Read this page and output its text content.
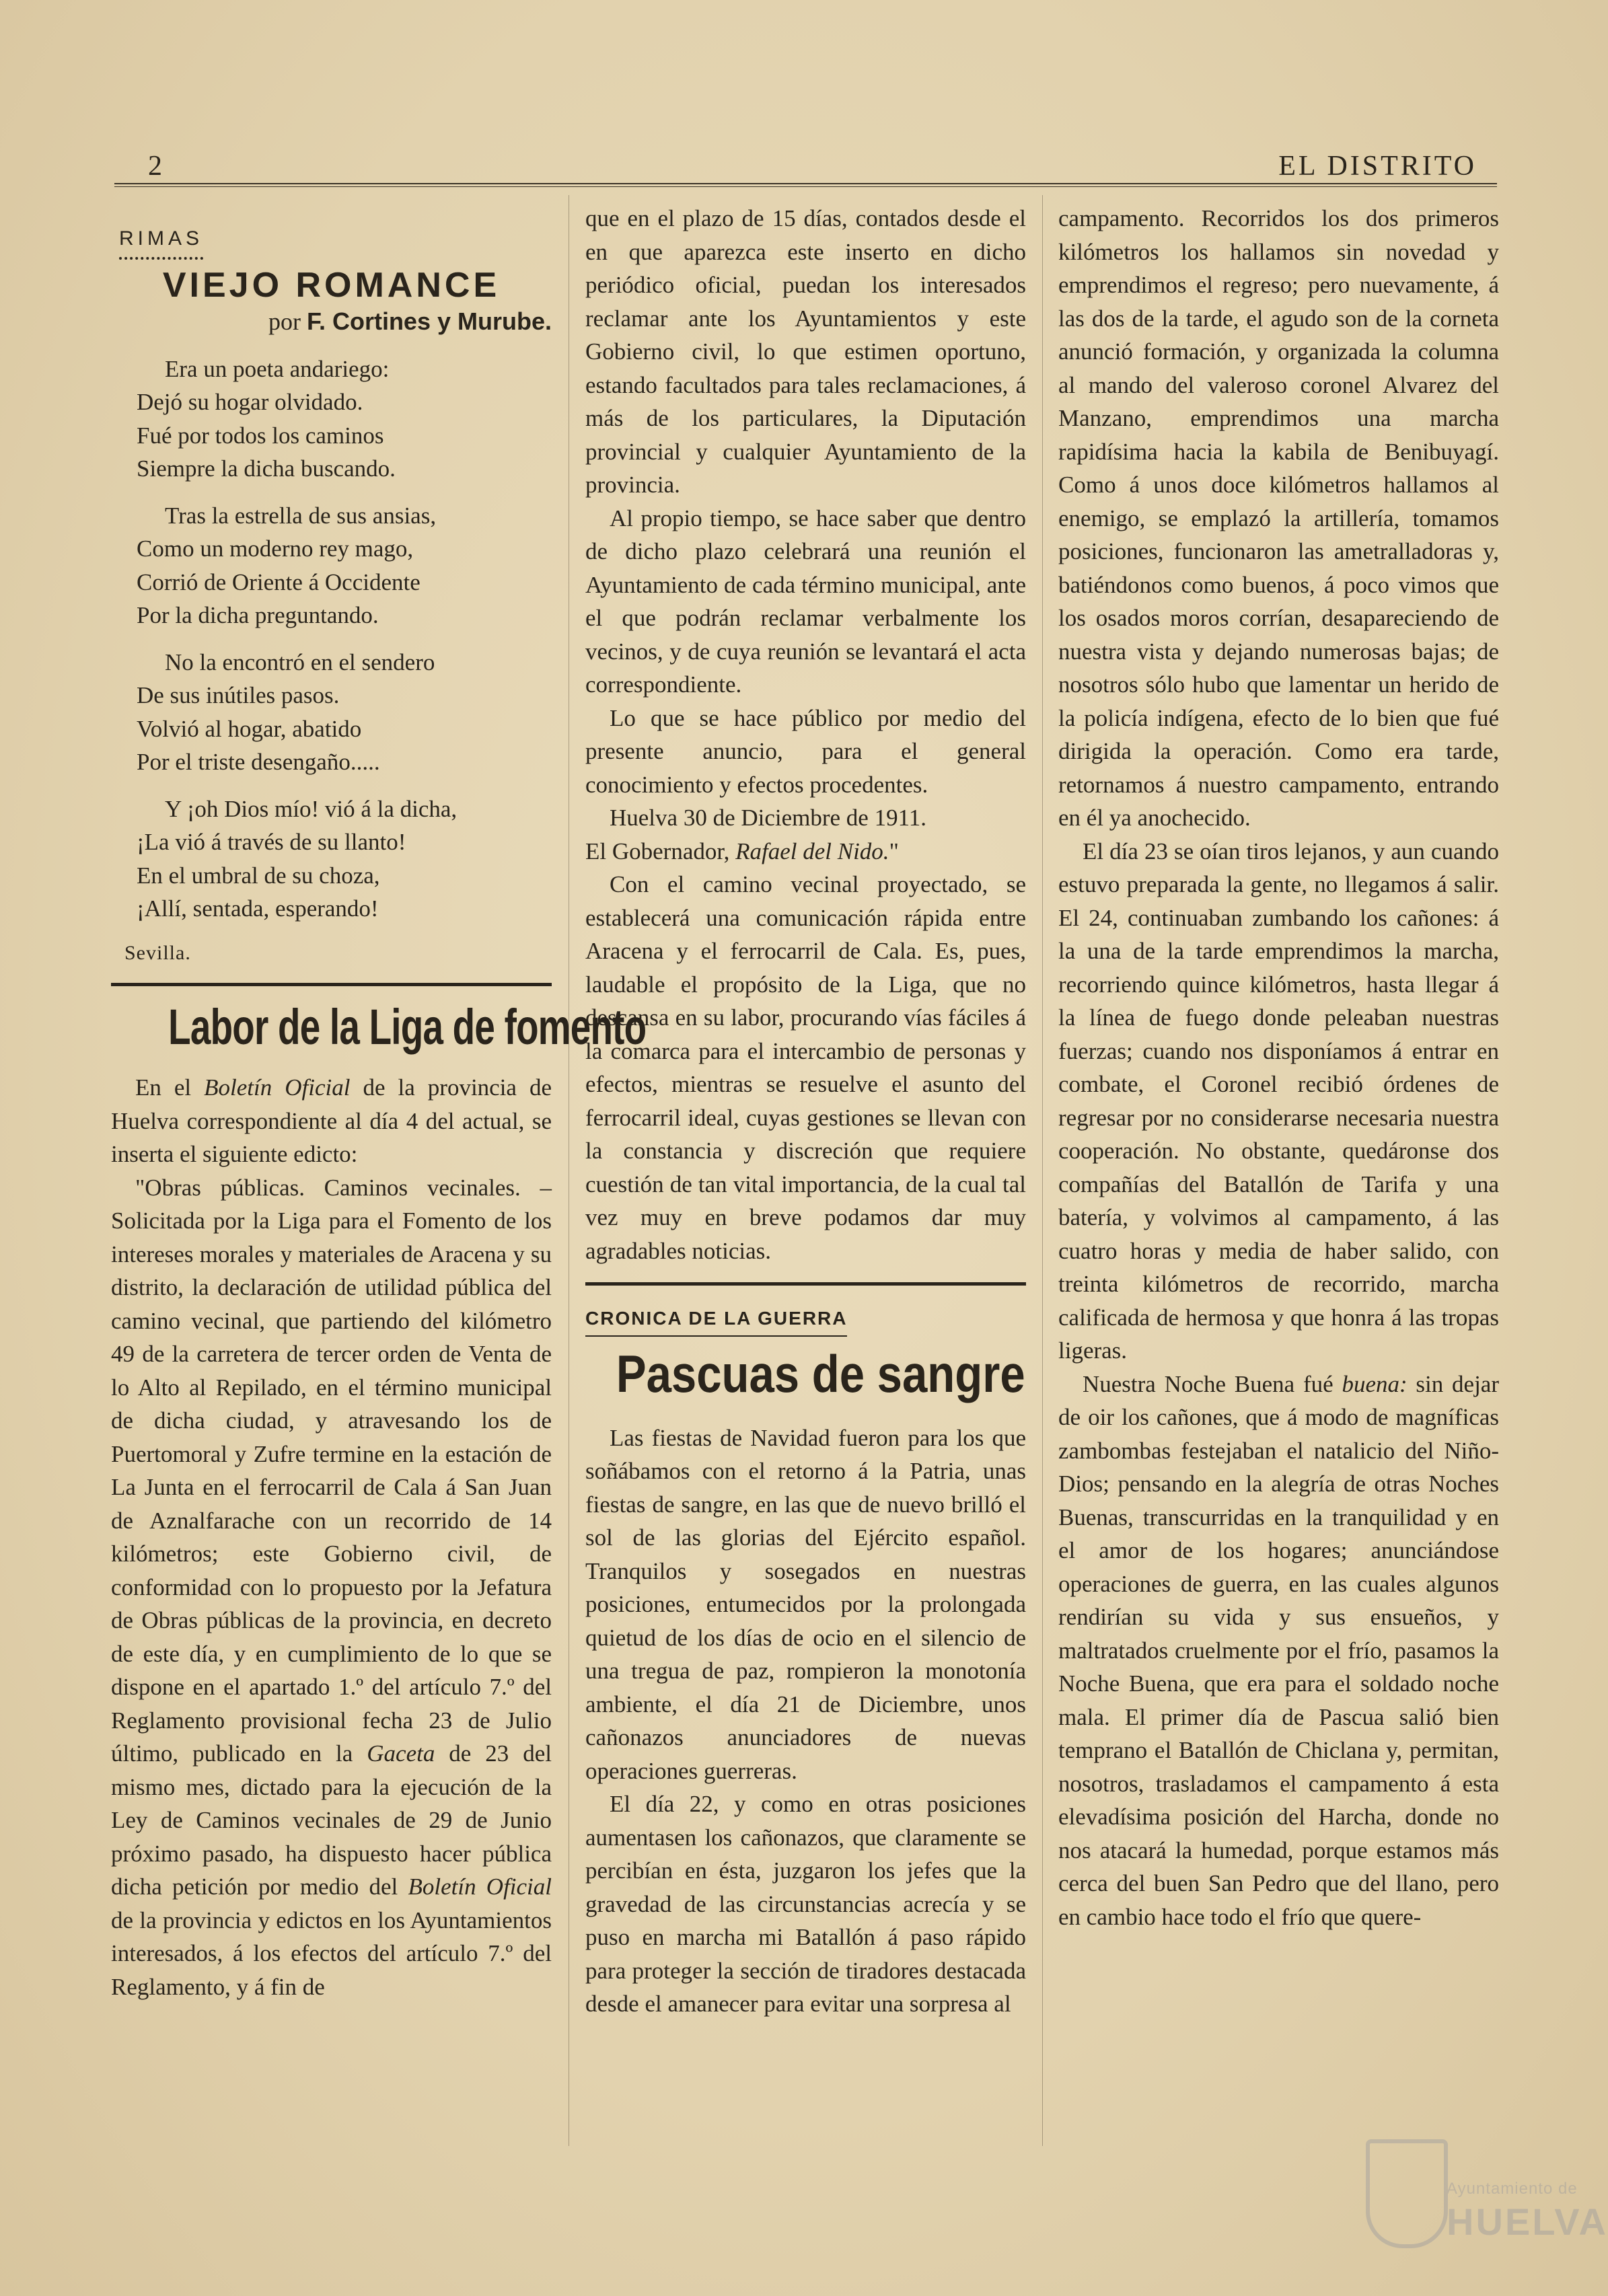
2	EL DISTRITO
RIMAS
VIEJO ROMANCE
por F. Cortines y Murube.
Era un poeta andariego:
Dejó su hogar olvidado.
Fué por todos los caminos
Siempre la dicha buscando.
Tras la estrella de sus ansias,
Como un moderno rey mago,
Corrió de Oriente á Occidente
Por la dicha preguntando.
No la encontró en el sendero
De sus inútiles pasos.
Volvió al hogar, abatido
Por el triste desengaño.....
Y ¡oh Dios mío! vió á la dicha,
¡La vió á través de su llanto!
En el umbral de su choza,
¡Allí, sentada, esperando!
Sevilla.
Labor de la Liga de fomento

En el Boletín Oficial de la provincia de Huelva correspondiente al día 4 del actual, se inserta el siguiente edicto:

"Obras públicas. Caminos vecinales. – Solicitada por la Liga para el Fomento de los intereses morales y materiales de Aracena y su distrito, la declaración de utilidad pública del camino vecinal, que partiendo del kilómetro 49 de la carretera de tercer orden de Venta de lo Alto al Repilado, en el término municipal de dicha ciudad, y atravesando los de Puertomoral y Zufre termine en la estación de La Junta en el ferrocarril de Cala á San Juan de Aznalfarache con un recorrido de 14 kilómetros; este Gobierno civil, de conformidad con lo propuesto por la Jefatura de Obras públicas de la provincia, en decreto de este día, y en cumplimiento de lo que se dispone en el apartado 1.º del artículo 7.º del Reglamento provisional fecha 23 de Julio último, publicado en la Gaceta de 23 del mismo mes, dictado para la ejecución de la Ley de Caminos vecinales de 29 de Junio próximo pasado, ha dispuesto hacer pública dicha petición por medio del Boletín Oficial de la provincia y edictos en los Ayuntamientos interesados, á los efectos del artículo 7.º del Reglamento, y á fin de

que en el plazo de 15 días, contados desde el en que aparezca este inserto en dicho periódico oficial, puedan los interesados reclamar ante los Ayuntamientos y este Gobierno civil, lo que estimen oportuno, estando facultados para tales reclamaciones, á más de los particulares, la Diputación provincial y cualquier Ayuntamiento de la provincia.

Al propio tiempo, se hace saber que dentro de dicho plazo celebrará una reunión el Ayuntamiento de cada término municipal, ante el que podrán reclamar verbalmente los vecinos, y de cuya reunión se levantará el acta correspondiente.

Lo que se hace público por medio del presente anuncio, para el general conocimiento y efectos procedentes.

Huelva 30 de Diciembre de 1911.

El Gobernador, Rafael del Nido."

Con el camino vecinal proyectado, se establecerá una comunicación rápida entre Aracena y el ferrocarril de Cala. Es, pues, laudable el propósito de la Liga, que no descansa en su labor, procurando vías fáciles á la comarca para el intercambio de personas y efectos, mientras se resuelve el asunto del ferrocarril ideal, cuyas gestiones se llevan con la constancia y discreción que requiere cuestión de tan vital importancia, de la cual tal vez muy en breve podamos dar muy agradables noticias.

CRONICA DE LA GUERRA
Pascuas de sangre

Las fiestas de Navidad fueron para los que soñábamos con el retorno á la Patria, unas fiestas de sangre, en las que de nuevo brilló el sol de las glorias del Ejército español. Tranquilos y sosegados en nuestras posiciones, entumecidos por la prolongada quietud de los días de ocio en el silencio de una tregua de paz, rompieron la monotonía ambiente, el día 21 de Diciembre, unos cañonazos anunciadores de nuevas operaciones guerreras.

El día 22, y como en otras posiciones aumentasen los cañonazos, que claramente se percibían en ésta, juzgaron los jefes que la gravedad de las circunstancias acrecía y se puso en marcha mi Batallón á paso rápido para proteger la sección de tiradores destacada desde el amanecer para evitar una sorpresa al

campamento. Recorridos los dos primeros kilómetros los hallamos sin novedad y emprendimos el regreso; pero nuevamente, á las dos de la tarde, el agudo son de la corneta anunció formación, y organizada la columna al mando del valeroso coronel Alvarez del Manzano, emprendimos una marcha rapidísima hacia la kabila de Benibuyagí. Como á unos doce kilómetros hallamos al enemigo, se emplazó la artillería, tomamos posiciones, funcionaron las ametralladoras y, batiéndonos como buenos, á poco vimos que los osados moros corrían, desapareciendo de nuestra vista y dejando numerosas bajas; de nosotros sólo hubo que lamentar un herido de la policía indígena, efecto de lo bien que fué dirigida la operación. Como era tarde, retornamos á nuestro campamento, entrando en él ya anochecido.

El día 23 se oían tiros lejanos, y aun cuando estuvo preparada la gente, no llegamos á salir. El 24, continuaban zumbando los cañones: á la una de la tarde emprendimos la marcha, recorriendo quince kilómetros, hasta llegar á la línea de fuego donde peleaban nuestras fuerzas; cuando nos disponíamos á entrar en combate, el Coronel recibió órdenes de regresar por no considerarse necesaria nuestra cooperación. No obstante, quedáronse dos compañías del Batallón de Tarifa y una batería, y volvimos al campamento, á las cuatro horas y media de haber salido, con treinta kilómetros de recorrido, marcha calificada de hermosa y que honra á las tropas ligeras.

Nuestra Noche Buena fué buena: sin dejar de oir los cañones, que á modo de magníficas zambombas festejaban el natalicio del Niño-Dios; pensando en la alegría de otras Noches Buenas, transcurridas en la tranquilidad y en el amor de los hogares; anunciándose operaciones de guerra, en las cuales algunos rendirían su vida y sus ensueños, y maltratados cruelmente por el frío, pasamos la Noche Buena, que era para el soldado noche mala. El primer día de Pascua salió bien temprano el Batallón de Chiclana y, permitan, nosotros, trasladamos el campamento á esta elevadísima posición del Harcha, donde no nos atacará la humedad, porque estamos más cerca del buen San Pedro que del llano, pero en cambio hace todo el frío que quere-

Ayuntamiento de
HUELVA
